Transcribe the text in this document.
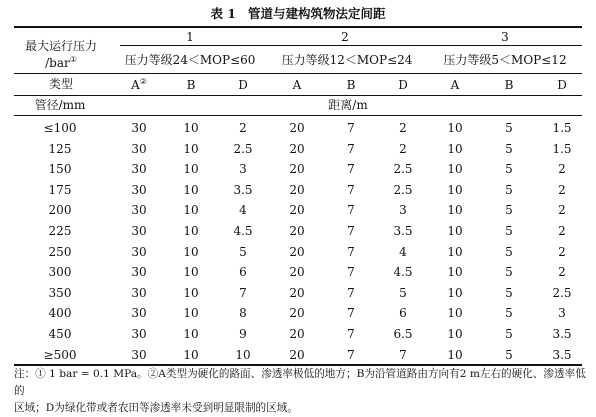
表 1 管道与建构筑物法定间距
最大运行压力
/bar①
1	2	3
压力等级24＜MOP≤60 压力等级12＜MOP≤24	压力等级5＜MOP≤12
类型	A②	B	D	A	B	D	A	B	D
管径/mm	距离/m
≤100	30	10	2	20	7	2	10	5	1.5
125	30	10	2.5	20	7	2	10	5	1.5
150	30	10	3	20	7	2.5	10	5	2
175	30	10	3.5	20	7	2.5	10	5	2
200	30	10	4	20	7	3	10	5	2
225	30	10	4.5	20	7	3.5	10	5	2
250	30	10	5	20	7	4	10	5	2
300	30	10	6	20	7	4.5	10	5	2
350	30	10	7	20	7	5	10	5	2.5
400	30	10	8	20	7	6	10	5	3
450	30	10	9	20	7	6.5	10	5	3.5
≥500	30	10	10	20	7	7	10	5	3.5
注：① 1 bar = 0.1 MPa。②A类型为硬化的路面、渗透率极低的地方；B为沿管道路由方向有2 m左右的硬化、渗透率低的
区域；D为绿化带或者农田等渗透率未受到明显限制的区域。
